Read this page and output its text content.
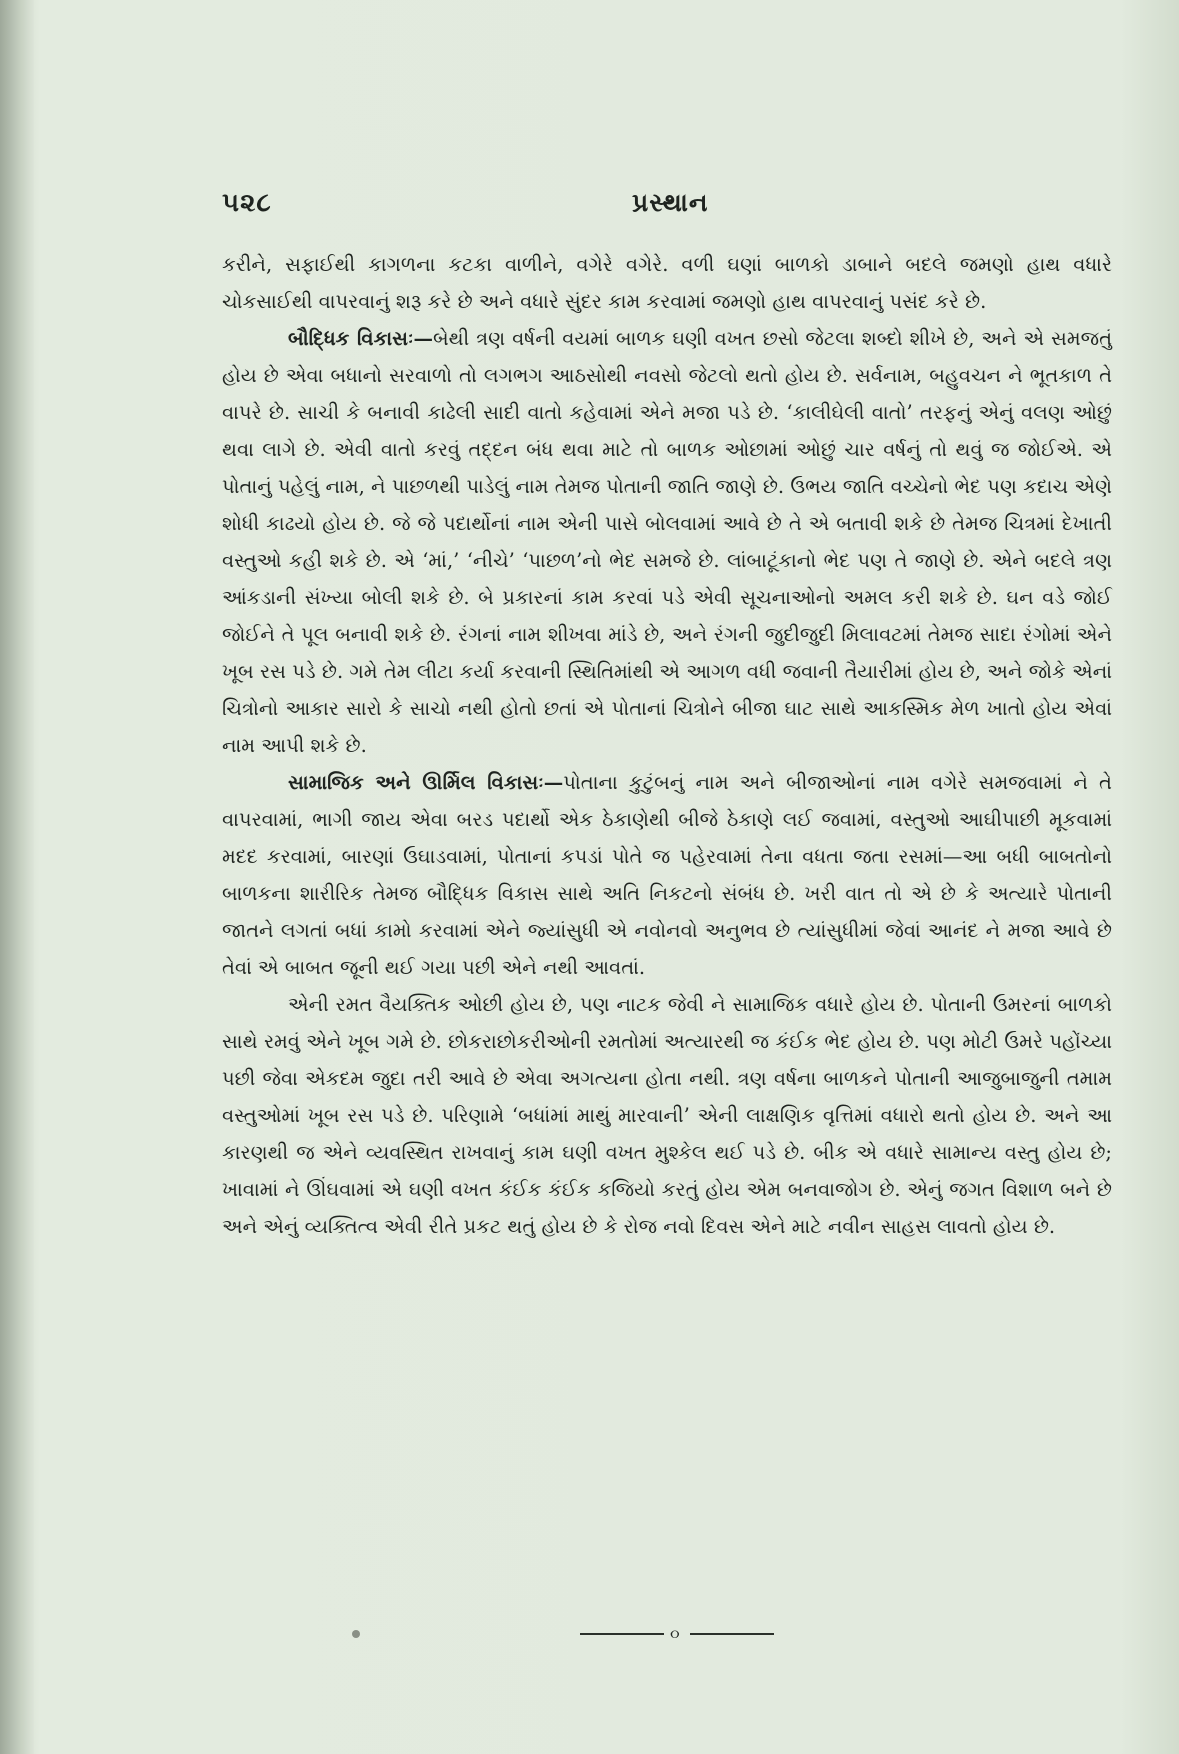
૫૨૮	પ્રસ્થાન

કરીને, સફાઈથી કાગળના કટકા વાળીને, વગેરે વગેરે. વળી ઘણાં બાળકો ડાબાને બદલે જમણો હાથ વધારે ચોકસાઈથી વાપરવાનું શરૂ કરે છે અને વધારે સુંદર કામ કરવામાં જમણો હાથ વાપરવાનું પસંદ કરે છે.

બૌદ્ધિક વિકાસઃ—બેથી ત્રણ વર્ષની વયમાં બાળક ઘણી વખત છસો જેટલા શબ્દો શીખે છે, અને એ સમજતું હોય છે એવા બધાનો સરવાળો તો લગભગ આઠસોથી નવસો જેટલો થતો હોય છે. સર્વનામ, બહુવચન ને ભૂતકાળ તે વાપરે છે. સાચી કે બનાવી કાઢેલી સાદી વાતો કહેવામાં એને મજા પડે છે. ‘કાલીઘેલી વાતો’ તરફનું એનું વલણ ઓછું થવા લાગે છે. એવી વાતો કરવું તદ્દન બંધ થવા માટે તો બાળક ઓછામાં ઓછું ચાર વર્ષનું તો થવું જ જોઈએ. એ પોતાનું પહેલું નામ, ને પાછળથી પાડેલું નામ તેમજ પોતાની જાતિ જાણે છે. ઉભય જાતિ વચ્ચેનો ભેદ પણ કદાચ એણે શોધી કાઢયો હોય છે. જે જે પદાર્થોનાં નામ એની પાસે બોલવામાં આવે છે તે એ બતાવી શકે છે તેમજ ચિત્રમાં દેખાતી વસ્તુઓ કહી શકે છે. એ ‘માં,’ ‘નીચે’ ‘પાછળ’નો ભેદ સમજે છે. લાંબાટૂંકાનો ભેદ પણ તે જાણે છે. એને બદલે ત્રણ આંકડાની સંખ્યા બોલી શકે છે. બે પ્રકારનાં કામ કરવાં પડે એવી સૂચનાઓનો અમલ કરી શકે છે. ઘન વડે જોઈ જોઈને તે પૂલ બનાવી શકે છે. રંગનાં નામ શીખવા માંડે છે, અને રંગની જુદીજુદી મિલાવટમાં તેમજ સાદા રંગોમાં એને ખૂબ રસ પડે છે. ગમે તેમ લીટા કર્યા કરવાની સ્થિતિમાંથી એ આગળ વધી જવાની તૈયારીમાં હોય છે, અને જોકે એનાં ચિત્રોનો આકાર સારો કે સાચો નથી હોતો છતાં એ પોતાનાં ચિત્રોને બીજા ઘાટ સાથે આકસ્મિક મેળ ખાતો હોય એવાં નામ આપી શકે છે.

સામાજિક અને ઊર્મિલ વિકાસઃ—પોતાના કુટુંબનું નામ અને બીજાઓનાં નામ વગેરે સમજવામાં ને તે વાપરવામાં, ભાગી જાય એવા બરડ પદાર્થો એક ઠેકાણેથી બીજે ઠેકાણે લઈ જવામાં, વસ્તુઓ આઘીપાછી મૂકવામાં મદદ કરવામાં, બારણાં ઉઘાડવામાં, પોતાનાં કપડાં પોતે જ પહેરવામાં તેના વધતા જતા રસમાં—આ બધી બાબતોનો બાળકના શારીરિક તેમજ બૌદ્ધિક વિકાસ સાથે અતિ નિકટનો સંબંધ છે. ખરી વાત તો એ છે કે અત્યારે પોતાની જાતને લગતાં બધાં કામો કરવામાં એને જ્યાંસુધી એ નવોનવો અનુભવ છે ત્યાંસુધીમાં જેવાં આનંદ ને મજા આવે છે તેવાં એ બાબત જૂની થઈ ગયા પછી એને નથી આવતાં.

એની રમત વૈયક્તિક ઓછી હોય છે, પણ નાટક જેવી ને સામાજિક વધારે હોય છે. પોતાની ઉમરનાં બાળકો સાથે રમવું એને ખૂબ ગમે છે. છોકરાછોકરીઓની રમતોમાં અત્યારથી જ કંઈક ભેદ હોય છે. પણ મોટી ઉમરે પહોંચ્યા પછી જેવા એકદમ જુદા તરી આવે છે એવા અગત્યના હોતા નથી. ત્રણ વર્ષના બાળકને પોતાની આજુબાજુની તમામ વસ્તુઓમાં ખૂબ રસ પડે છે. પરિણામે ‘બધાંમાં માથું મારવાની’ એની લાક્ષણિક વૃત્તિમાં વધારો થતો હોય છે. અને આ કારણથી જ એને વ્યવસ્થિત રાખવાનું કામ ઘણી વખત મુશ્કેલ થઈ પડે છે. બીક એ વધારે સામાન્ય વસ્તુ હોય છે; ખાવામાં ને ઊંઘવામાં એ ઘણી વખત કંઈક કંઈક કજિયો કરતું હોય એમ બનવાજોગ છે. એનું જગત વિશાળ બને છે અને એનું વ્યક્તિત્વ એવી રીતે પ્રકટ થતું હોય છે કે રોજ નવો દિવસ એને માટે નવીન સાહસ લાવતો હોય છે.

૦
